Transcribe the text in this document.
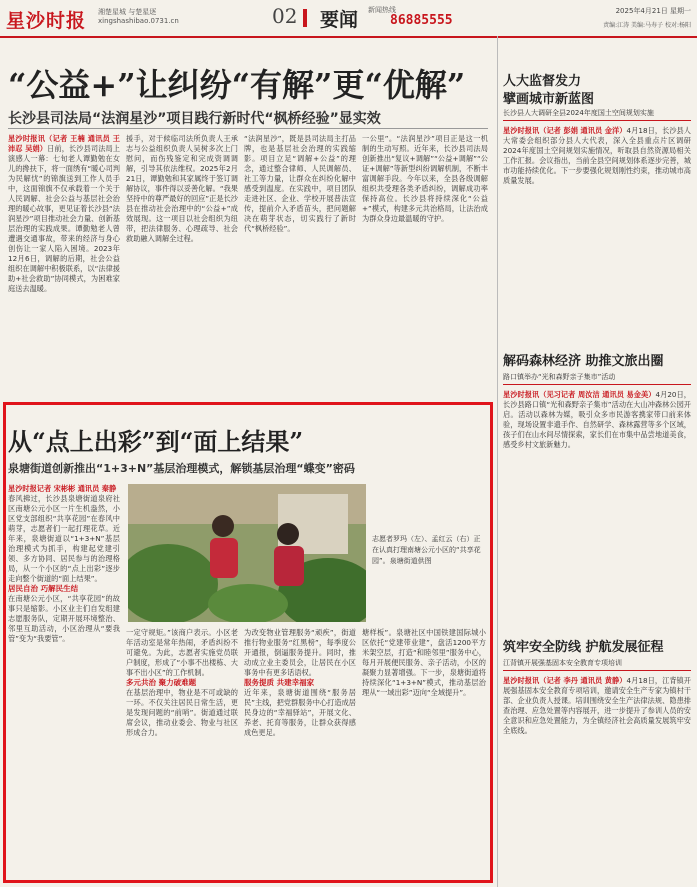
星沙时报 湘楚星城 与楚星逐
xingshashibao.0731.cn	02	要闻 新闻热线
86885555
2025年4月21日 星期一
责编:江涛 美编:马寿子 校对:杨阳
“公益+”让纠纷“有解”更“优解”
长沙县司法局“法润星沙”项目践行新时代“枫桥经验”显实效
星沙时报讯（记者 王楠 通讯员 王沛忍 吴娟）日前，长沙县司法局上演感人一幕：七旬老人谭勤勉在女儿的搀扶下，将一面绣有“暖心司判 为民解忧”的锦旗送到工作人员手中，这面锦旗不仅承载着一个关于人民调解、社会公益与基层社会治理的暖心故事，更见证着长沙县“法润星沙”项目推动社会力量、创新基层治理的实践成果。谭勤勉老人曾遭遇交通事故，带来的经济与身心创伤让一家人陷入困境。2023年12月6日，调解的后期，社会公益组织在调解中积极联系，以“法律援助+社会救助”协同模式，为困难家庭送去温暖。
援手，对于候临司法所负责人王承志与公益组织负责人吴树多次上门慰问，而伤残鉴定和完成资调调解，引导其依法维权。2025年2月21日，谭勤勉和其家属终于签订调解协议，事件得以妥善化解。“我果坚持中的尊严最好的回应”正是长沙县在推动社会治理中的“公益+”成效展现。这一项目以社会组织为纽带，把法律服务、心理疏导、社会救助融入调解全过程。
“法润星沙”，既是县司法局主打品牌，也是基层社会治理的实践缩影。项目立足“调解+公益”的理念，通过整合律师、人民调解员、社工等力量，让群众在纠纷化解中感受到温度。在实践中，项目团队走进社区、企业、学校开展普法宣传，提前介入矛盾苗头，把问题解决在萌芽状态，切实践行了新时代“枫桥经验”。
一公里”。“法润星沙”项目正是这一机制的生动写照。近年来，长沙县司法局创新推出“复议+调解”“公益+调解”“公证+调解”等新型纠纷调解机制，不断丰富调解手段。今年以来，全县各级调解组织共受理各类矛盾纠纷，调解成功率保持高位。长沙县将持续深化“公益+”模式，构建多元共治格局，让法治成为群众身边最温暖的守护。
从“点上出彩”到“面上结果”
泉塘街道创新推出“1+3+N”基层治理模式，解锁基层治理“蝶变”密码
志愿者罗玛（左）、孟红云（右）正在认真打理南塘公元小区的“共享花园”。泉塘街道供图
星沙时报记者 宋彬彬 通讯员 秦静
春风拂过，长沙县泉塘街道泉府社区南塘公元小区一片生机盎然，小区党支部组织“共享花园”在春风中萌芽，志愿者们一起打理花草。近年来，泉塘街道以“1+3+N”基层治理模式为抓手，构建起党建引领、多方协同、居民参与的治理格局，从一个小区的“点上出彩”逐步走向整个街道的“面上结果”。
居民自治 巧解民生结
在南塘公元小区，“共享花园”的故事只是缩影。小区业主们自发组建志愿服务队，定期开展环境整治、邻里互助活动，小区治理从“要我管”变为“我要管”。
一定守规矩。”该商户表示。小区老年活动室是常年热闹，矛盾纠纷不可避免。为此，志愿者实施党员联户制度，形成了“小事不出楼栋、大事不出小区”的工作机制。
多元共治 聚力破难题
在基层治理中，物业是不可或缺的一环。不仅关注居民日常生活，更是发现问题的“前哨”。街道通过联席会议，推动业委会、物业与社区形成合力。
为改变物业管理服务“顽疾”，街道推行物业服务“红黑榜”，每季度公开通报，倒逼服务提升。同时，推动成立业主委员会，让居民在小区事务中有更多话语权。
服务提质 共建幸福家
近年来，泉塘街道围绕“服务居民”主线，把党群服务中心打造成居民身边的“幸福驿站”，开展文化、养老、托育等服务，让群众获得感成色更足。
塘样板”。泉塘社区中国铁建国际城小区依托“党建带业建”，盘活1200平方米架空层，打造“和睦邻里”服务中心，每月开展便民服务、亲子活动，小区的凝聚力显著增强。下一步，泉塘街道将持续深化“1+3+N”模式，推动基层治理从“一域出彩”迈向“全域提升”。
人大监督发力
擘画城市新蓝图
长沙县人大调研全县2024年度国土空间规划实施
星沙时报讯（记者 彭娟 通讯员 金洋）4月18日，长沙县人大常委会组织部分县人大代表，深入全县重点片区调研2024年度国土空间规划实施情况，听取县自然资源局相关工作汇报。会议指出，当前全县空间规划体系逐步完善，城市功能持续优化。下一步要强化规划刚性约束，推动城市高质量发展。
解码森林经济 助推文旅出圈
路口镇举办“光和森野亲子集市”活动
星沙时报讯（见习记者 周汝洁 通讯员 易金美）4月20日，长沙县路口镇“光和森野亲子集市”活动在大山冲森林公园开启。活动以森林为媒，吸引众多市民游客携家带口前来体验，现场设置非遗手作、自然研学、森林露营等多个区域，孩子们在山水间尽情探索，家长们在市集中品尝地道美食，感受乡村文旅新魅力。
筑牢安全防线 护航发展征程
江背镇开展强基固本安全教育专项培训
星沙时报讯（记者 李丹 通讯员 黄静）4月18日，江背镇开展强基固本安全教育专项培训，邀请安全生产专家为镇村干部、企业负责人授课。培训围绕安全生产法律法规、隐患排查治理、应急处置等内容展开，进一步提升了参训人员的安全意识和应急处置能力，为全镇经济社会高质量发展筑牢安全底线。
